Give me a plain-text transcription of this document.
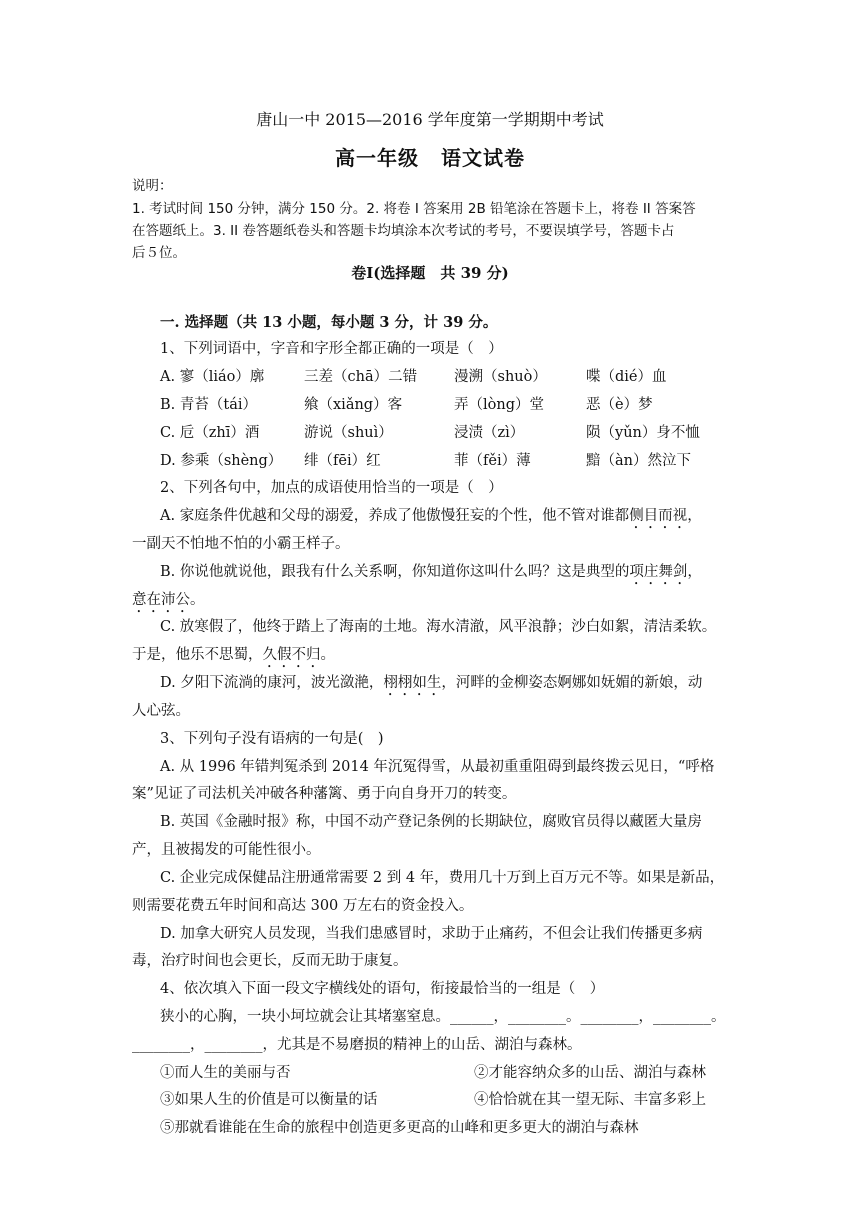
唐山一中 2015—2016 学年度第一学期期中考试
高一年级 语文试卷
说明：
1. 考试时间 150 分钟，满分 150 分。2. 将卷 I 答案用 2B 铅笔涂在答题卡上，将卷 II 答案答
在答题纸上。3. II 卷答题纸卷头和答题卡均填涂本次考试的考号，不要误填学号，答题卡占
后５位。
卷Ⅰ(选择题　共 39 分)
一. 选择题（共 13 小题，每小题 3 分，计 39 分。
1、下列词语中，字音和字形全都正确的一项是（　）
A. 寥（liáo）廓	三差（chā）二错	漫溯（shuò）	喋（dié）血
B. 青苔（tái）	飨（xiǎng）客	弄（lòng）堂	恶（è）梦
C. 卮（zhī）酒	游说（shuì）	浸渍（zì）	陨（yǔn）身不恤
D. 参乘（shèng） 绯（fēi）红	菲（fěi）薄	黯（àn）然泣下
2、下列各句中，加点的成语使用恰当的一项是（　）
A. 家庭条件优越和父母的溺爱，养成了他傲慢狂妄的个性，他不管对谁都侧目而视，
一副天不怕地不怕的小霸王样子。
B. 你说他就说他，跟我有什么关系啊，你知道你这叫什么吗？这是典型的项庄舞剑，
意在沛公。
C. 放寒假了，他终于踏上了海南的土地。海水清澈，风平浪静；沙白如絮，清洁柔软。
于是，他乐不思蜀，久假不归。
D. 夕阳下流淌的康河，波光潋滟，栩栩如生，河畔的金柳姿态婀娜如妩媚的新娘，动
人心弦。
3、下列句子没有语病的一句是(　)
A. 从 1996 年错判冤杀到 2014 年沉冤得雪，从最初重重阻碍到最终拨云见日，“呼格
案”见证了司法机关冲破各种藩篱、勇于向自身开刀的转变。
B. 英国《金融时报》称，中国不动产登记条例的长期缺位，腐败官员得以藏匿大量房
产，且被揭发的可能性很小。
C. 企业完成保健品注册通常需要 2 到 4 年，费用几十万到上百万元不等。如果是新品，
则需要花费五年时间和高达 300 万左右的资金投入。
D. 加拿大研究人员发现，当我们患感冒时，求助于止痛药，不但会让我们传播更多病
毒，治疗时间也会更长，反而无助于康复。
4、依次填入下面一段文字横线处的语句，衔接最恰当的一组是（　）
狭小的心胸，一块小坷垃就会让其堵塞窒息。______，________。________，________。
________，________，尤其是不易磨损的精神上的山岳、湖泊与森林。
①而人生的美丽与否	②才能容纳众多的山岳、湖泊与森林
③如果人生的价值是可以衡量的话	④恰恰就在其一望无际、丰富多彩上
⑤那就看谁能在生命的旅程中创造更多更高的山峰和更多更大的湖泊与森林
